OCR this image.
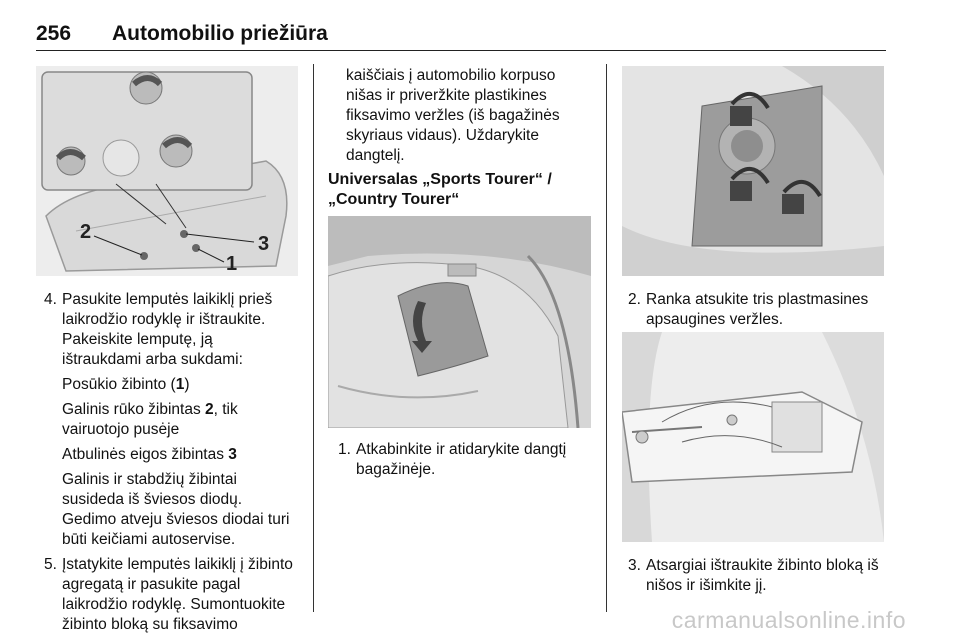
256 Automobilio priežiūra
2
3
1
4. Pasukite lemputės laikiklį prieš

laikrodžio rodyklę ir ištraukite.

Pakeiskite lemputę, ją

ištraukdami arba sukdami:

Posūkio žibinto (1)

Galinis rūko žibintas 2, tik

vairuotojo pusėje

Atbulinės eigos žibintas 3

Galinis ir stabdžių žibintai

susideda iš šviesos diodų.

Gedimo atveju šviesos diodai turi

būti keičiami autoservise.

5. Įstatykite lemputės laikiklį į žibinto

agregatą ir pasukite pagal

laikrodžio rodyklę. Sumontuokite

žibinto bloką su fiksavimo

kaiščiais į automobilio korpuso

nišas ir priveržkite plastikines

fiksavimo veržles (iš bagažinės

skyriaus vidaus). Uždarykite

dangtelį.

Universalas „Sports Tourer“ /
„Country Tourer“
1. Atkabinkite ir atidarykite dangtį

bagažinėje.

2. Ranka atsukite tris plastmasines

apsaugines veržles.

3. Atsargiai ištraukite žibinto bloką iš

nišos ir išimkite jį.

carmanualsonline.info
